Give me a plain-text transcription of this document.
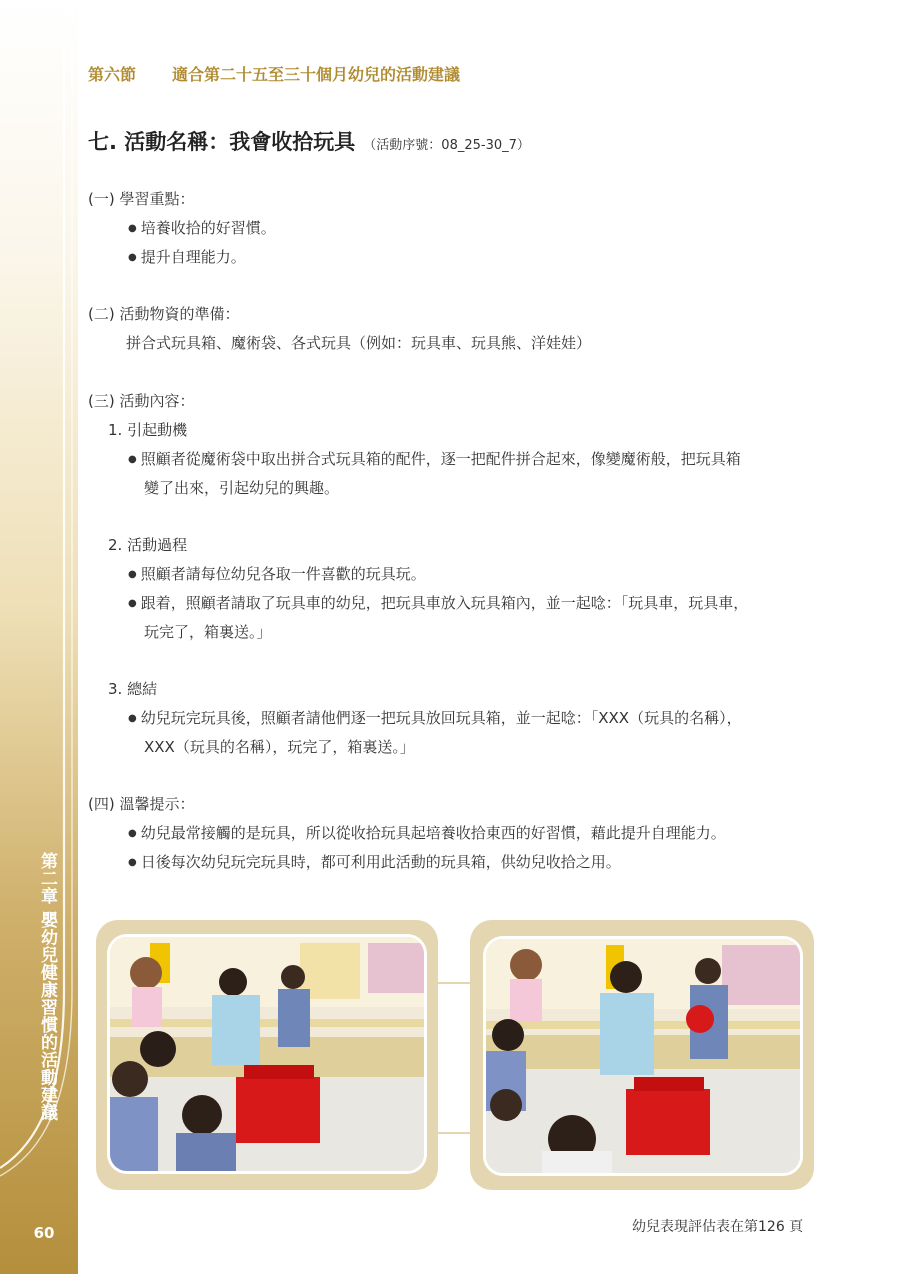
第二章 嬰幼兒健康習慣的活動建議
60
第六節 適合第二十五至三十個月幼兒的活動建議
七. 活動名稱：我會收拾玩具 （活動序號：08_25-30_7）
(一) 學習重點：
● 培養收拾的好習慣。
● 提升自理能力。
(二) 活動物資的準備：
拼合式玩具箱、魔術袋、各式玩具（例如：玩具車、玩具熊、洋娃娃）
(三) 活動內容：
1. 引起動機
● 照顧者從魔術袋中取出拼合式玩具箱的配件，逐一把配件拼合起來，像變魔術般，把玩具箱
變了出來，引起幼兒的興趣。
2. 活動過程
● 照顧者請每位幼兒各取一件喜歡的玩具玩。
● 跟着，照顧者請取了玩具車的幼兒，把玩具車放入玩具箱內，並一起唸：「玩具車，玩具車，
玩完了，箱裏送。」
3. 總結
● 幼兒玩完玩具後，照顧者請他們逐一把玩具放回玩具箱，並一起唸：「XXX（玩具的名稱），
XXX（玩具的名稱），玩完了，箱裏送。」
(四) 溫馨提示：
● 幼兒最常接觸的是玩具，所以從收拾玩具起培養收拾東西的好習慣，藉此提升自理能力。
● 日後每次幼兒玩完玩具時，都可利用此活動的玩具箱，供幼兒收拾之用。
幼兒表現評估表在第126 頁
